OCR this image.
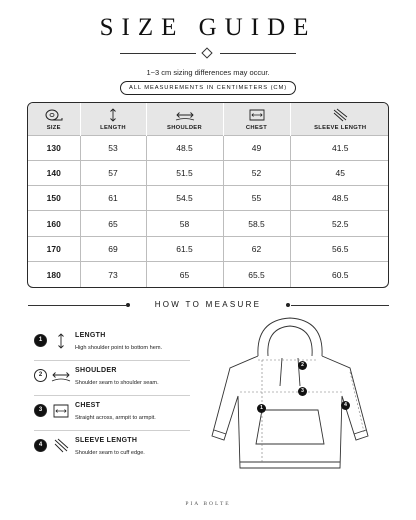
SIZE GUIDE
1~3 cm sizing differences may occur.
ALL MEASUREMENTS IN CENTIMETERS (CM)
SIZE	LENGTH	SHOULDER	CHEST	SLEEVE LENGTH
130	53	48.5	49	41.5
140	57	51.5	52	45
150	61	54.5	55	48.5
160	65	58	58.5	52.5
170	69	61.5	62	56.5
180	73	65	65.5	60.5
HOW TO MEASURE
1
LENGTH
High shoulder point to bottom hem.
2
SHOULDER
Shoulder seam to shoulder seam.
3
CHEST
Straight across, armpit to armpit.
4
SLEEVE LENGTH
Shoulder seam to cuff edge.
1
2
3
4
PIA BOLTE
